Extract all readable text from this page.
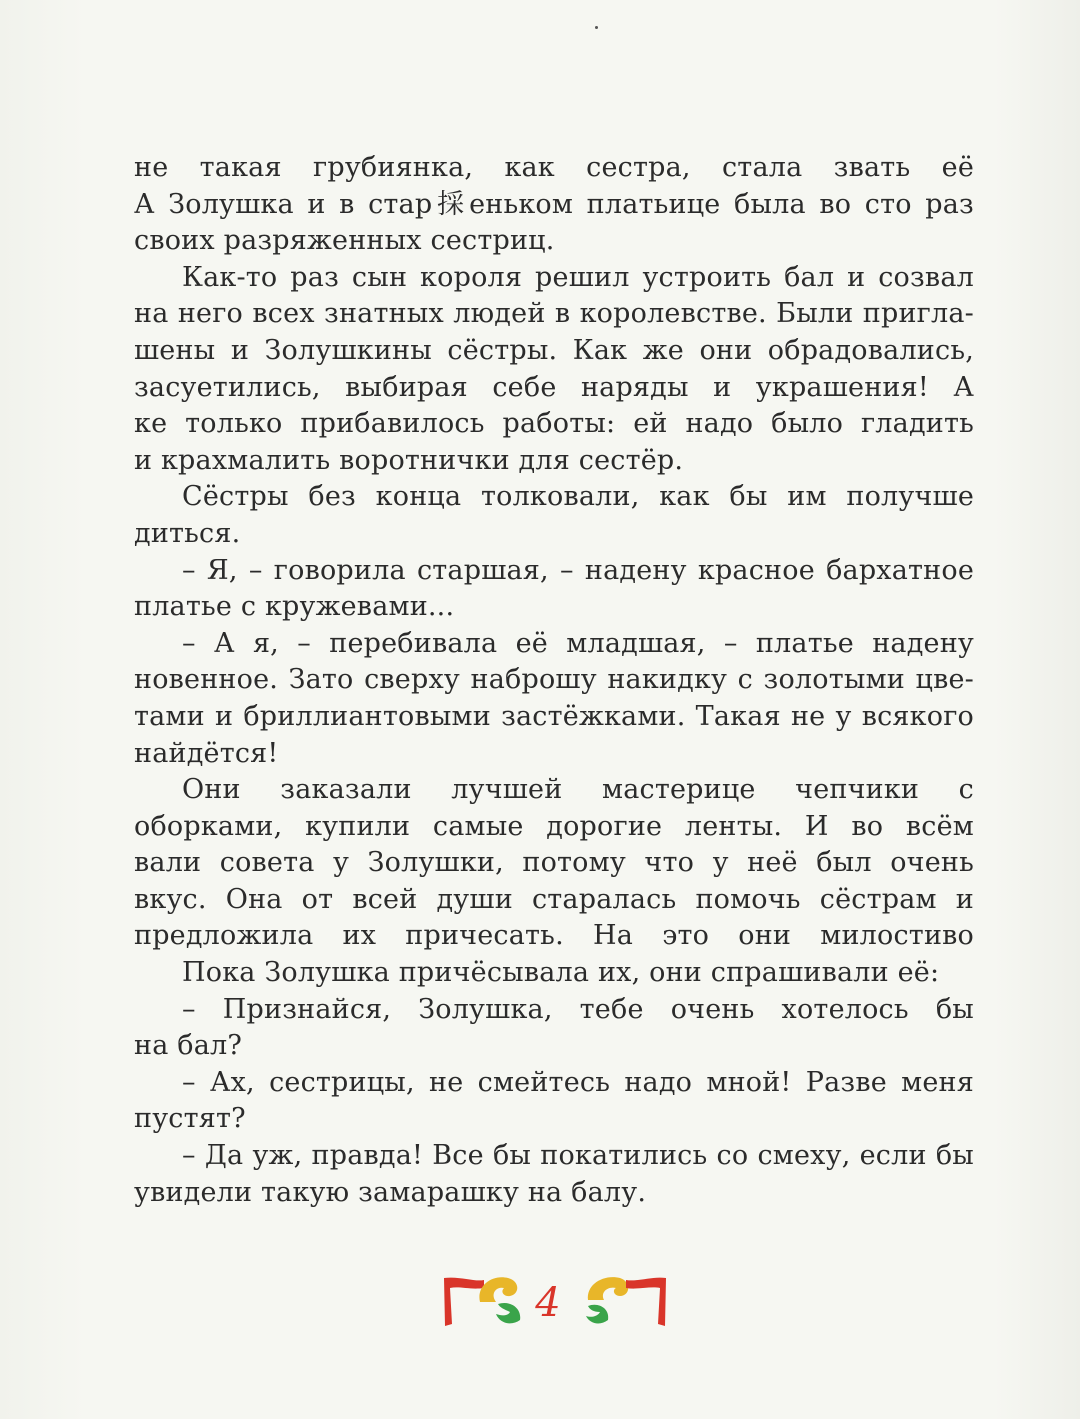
не такая грубиянка, как сестра, стала звать её
А Золушка и в стар採еньком платьице была во сто раз
своих разряженных сестриц.
Как-то раз сын короля решил устроить бал и созвал
на него всех знатных людей в королевстве. Были пригла-
шены и Золушкины сёстры. Как же они обрадовались,
засуетились, выбирая себе наряды и украшения! А
ке только прибавилось работы: ей надо было гладить
и крахмалить воротнички для сестёр.
Сёстры без конца толковали, как бы им получше
диться.
– Я, – говорила старшая, – надену красное бархатное
платье с кружевами...
– А я, – перебивала её младшая, – платье надену
новенное. Зато сверху наброшу накидку с золотыми цве-
тами и бриллиантовыми застёжками. Такая не у всякого
найдётся!
Они заказали лучшей мастерице чепчики с
оборками, купили самые дорогие ленты. И во всём
вали совета у Золушки, потому что у неё был очень
вкус. Она от всей души старалась помочь сёстрам и
предложила их причесать. На это они милостиво
Пока Золушка причёсывала их, они спрашивали её:
– Признайся, Золушка, тебе очень хотелось бы
на бал?
– Ах, сестрицы, не смейтесь надо мной! Разве меня
пустят?
– Да уж, правда! Все бы покатились со смеху, если бы
увидели такую замарашку на балу.
4
